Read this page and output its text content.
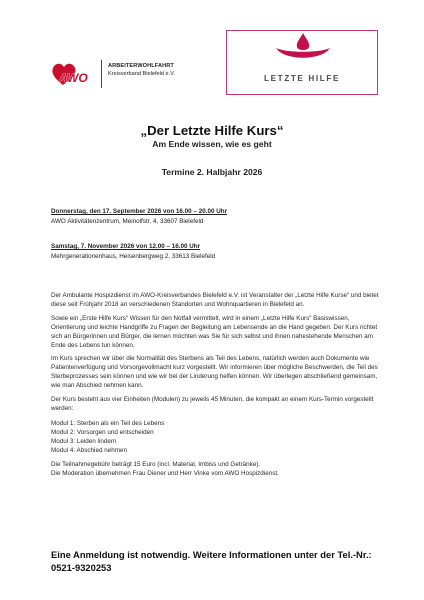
AWO
ARBEITERWOHLFAHRT
Kreisverband Bielefeld e.V.	LETZTE HILFE
„Der Letzte Hilfe Kurs“
Am Ende wissen, wie es geht
Termine 2. Halbjahr 2026
Donnerstag, den 17. September 2026 von 16.00 – 20.00 Uhr
AWO Aktivitätenzentrum, Meinolfstr. 4, 33607 Bielefeld
Samstag, 7. November 2026 von 12.00 – 16.00 Uhr
Mehrgenerationenhaus, Heisenbergweg 2, 33613 Bielefeld

Der Ambulante Hospizdienst im AWO-Kreisverbandes Bielefeld e.V. ist Veranstalter der „Letzte Hilfe Kurse“ und bietet diese seit Frühjahr 2018 an verschiedenen Standorten und Wohnquartieren in Bielefeld an.

Sowie ein „Erste Hilfe Kurs“ Wissen für den Notfall vermittelt, wird in einem „Letzte Hilfe Kurs“ Basiswissen, Orientierung und leichte Handgriffe zu Fragen der Begleitung am Lebensende an die Hand gegeben. Der Kurs richtet sich an Bürgerinnen und Bürger, die lernen möchten was Sie für sich selbst und ihnen nahestehende Menschen am Ende des Lebens tun können.

Im Kurs sprechen wir über die Normalität des Sterbens als Teil des Lebens, natürlich werden auch Dokumente wie Patientenverfügung und Vorsorgevollmacht kurz vorgestellt. Wir informieren über mögliche Beschwerden, die Teil des Sterbeprozesses sein können und wie wir bei der Linderung helfen können. Wir überlegen abschließend gemeinsam, wie man Abschied nehmen kann.

Der Kurs besteht aus vier Einheiten (Modulen) zu jeweils 45 Minuten, die kompakt an einem Kurs-Termin vorgestellt werden:

Modul 1: Sterben als ein Teil des Lebens
Modul 2: Vorsorgen und entscheiden
Modul 3: Leiden lindern
Modul 4: Abschied nehmen
Die Teilnahmegebühr beträgt 15 Euro (incl. Material, Imbiss und Getränke).
Die Moderation übernehmen Frau Diener und Herr Vinke vom AWO Hospizdienst.
Eine Anmeldung ist notwendig. Weitere Informationen unter der Tel.-Nr.: 0521-9320253
